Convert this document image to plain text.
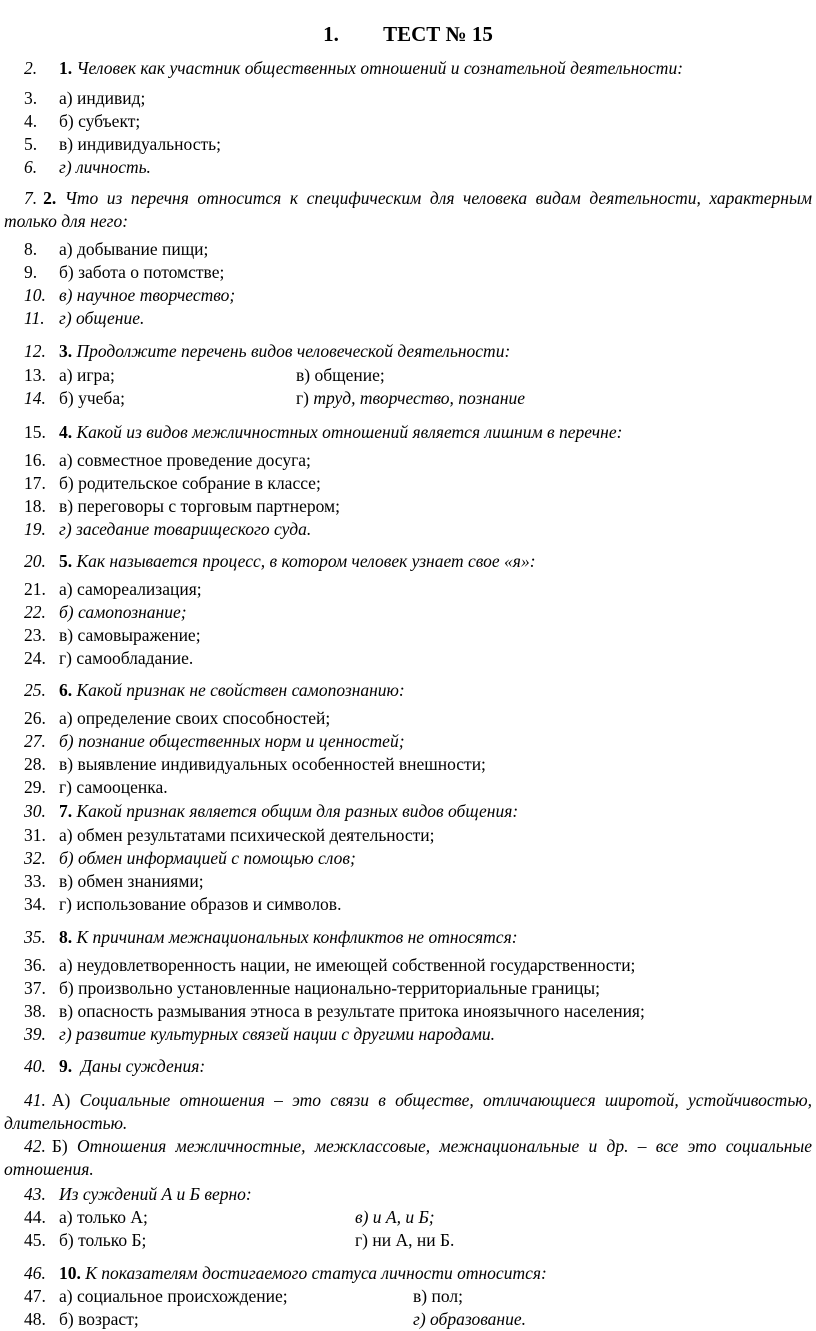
1. ТЕСТ № 15
2.	1. Человек как участник общественных отношений и сознательной деятельности:
3.	а) индивид;
4.	б) субъект;
5.	в) индивидуальность;
6.	г) личность.
7. 2. Что из перечня относится к специфическим для человека видам деятельности, характерным только для него:
8.	а) добывание пищи;
9.	б) забота о потомстве;
10. в) научное творчество;
11. г) общение.
12. 3. Продолжите перечень видов человеческой деятельности:
13. а) игра;	в) общение;
14. б) учеба;	г) труд, творчество, познание
15. 4. Какой из видов межличностных отношений является лишним в перечне:
16. а) совместное проведение досуга;
17. б) родительское собрание в классе;
18. в) переговоры с торговым партнером;
19. г) заседание товарищеского суда.
20. 5. Как называется процесс, в котором человек узнает свое «я»:
21. а) самореализация;
22. б) самопознание;
23. в) самовыражение;
24. г) самообладание.
25. 6. Какой признак не свойствен самопознанию:
26. а) определение своих способностей;
27. б) познание общественных норм и ценностей;
28. в) выявление индивидуальных особенностей внешности;
29. г) самооценка.
30. 7. Какой признак является общим для разных видов общения:
31. а) обмен результатами психической деятельности;
32. б) обмен информацией с помощью слов;
33. в) обмен знаниями;
34. г) использование образов и символов.
35. 8. К причинам межнациональных конфликтов не относятся:
36. а) неудовлетворенность нации, не имеющей собственной государственности;
37. б) произвольно установленные национально-территориальные границы;
38. в) опасность размывания этноса в результате притока иноязычного населения;
39. г) развитие культурных связей нации с другими народами.
40. 9. Даны суждения:
41. А) Социальные отношения – это связи в обществе, отличающиеся широтой, устойчивостью, длительностью.
42. Б) Отношения межличностные, межклассовые, межнациональные и др. – все это социальные отношения.
43. Из суждений А и Б верно:
44. а) только А;	в) и А, и Б;
45. б) только Б;	г) ни А, ни Б.
46. 10. К показателям достигаемого статуса личности относится:
47. а) социальное происхождение;	в) пол;
48. б) возраст;	г) образование.
